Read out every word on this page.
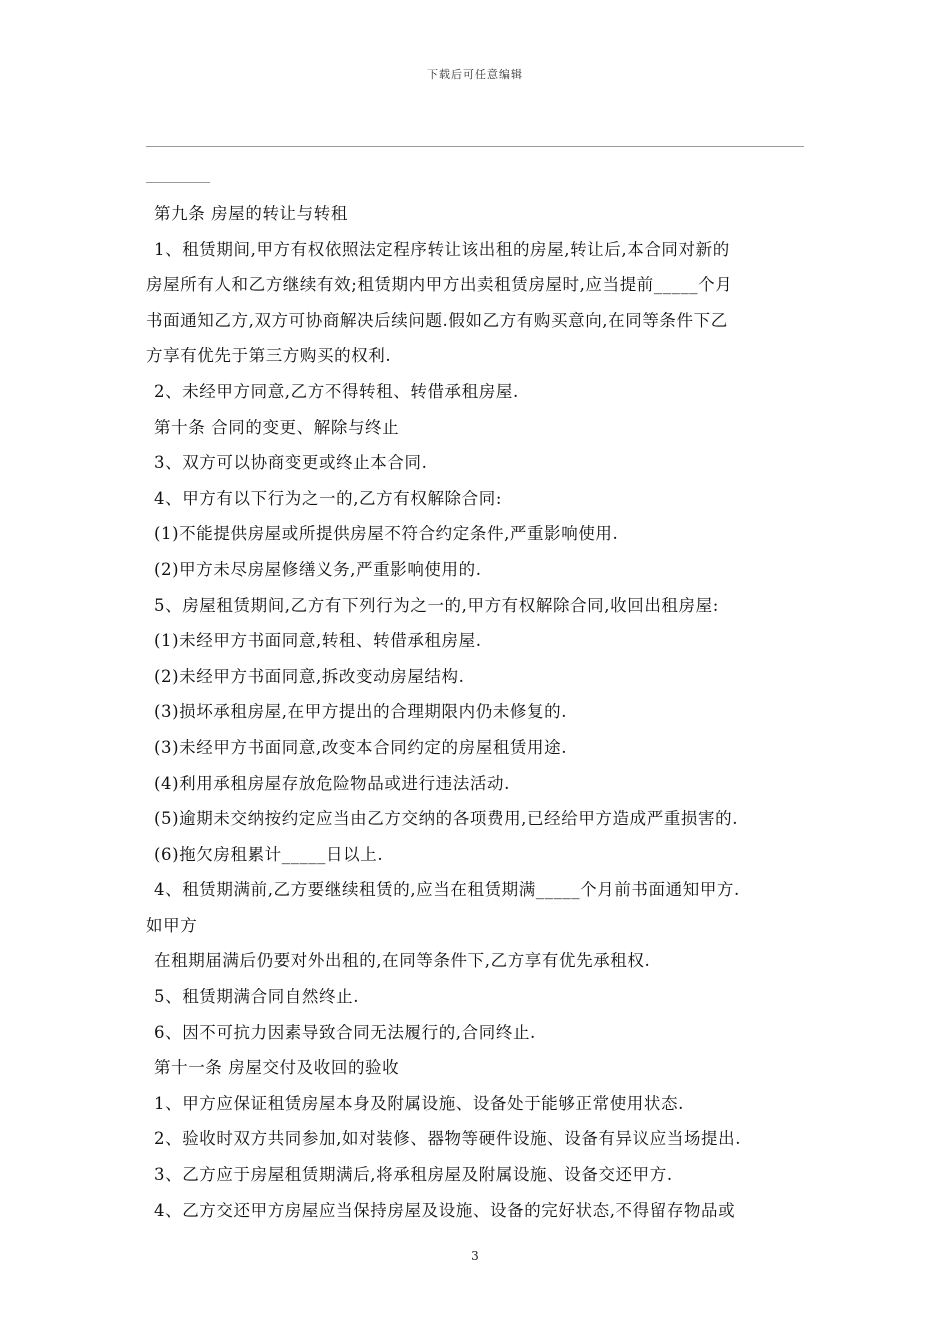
下载后可任意编辑

第九条 房屋的转让与转租

1、租赁期间,甲方有权依照法定程序转让该出租的房屋,转让后,本合同对新的

房屋所有人和乙方继续有效;租赁期内甲方出卖租赁房屋时,应当提前_____个月

书面通知乙方,双方可协商解决后续问题.假如乙方有购买意向,在同等条件下乙

方享有优先于第三方购买的权利.

2、未经甲方同意,乙方不得转租、转借承租房屋.

第十条 合同的变更、解除与终止

3、双方可以协商变更或终止本合同.

4、甲方有以下行为之一的,乙方有权解除合同:

(1)不能提供房屋或所提供房屋不符合约定条件,严重影响使用.

(2)甲方未尽房屋修缮义务,严重影响使用的.

5、房屋租赁期间,乙方有下列行为之一的,甲方有权解除合同,收回出租房屋:

(1)未经甲方书面同意,转租、转借承租房屋.

(2)未经甲方书面同意,拆改变动房屋结构.

(3)损坏承租房屋,在甲方提出的合理期限内仍未修复的.

(3)未经甲方书面同意,改变本合同约定的房屋租赁用途.

(4)利用承租房屋存放危险物品或进行违法活动.

(5)逾期未交纳按约定应当由乙方交纳的各项费用,已经给甲方造成严重损害的.

(6)拖欠房租累计_____日以上.

4、租赁期满前,乙方要继续租赁的,应当在租赁期满_____个月前书面通知甲方.

如甲方

在租期届满后仍要对外出租的,在同等条件下,乙方享有优先承租权.

5、租赁期满合同自然终止.

6、因不可抗力因素导致合同无法履行的,合同终止.

第十一条 房屋交付及收回的验收

1、甲方应保证租赁房屋本身及附属设施、设备处于能够正常使用状态.

2、验收时双方共同参加,如对装修、器物等硬件设施、设备有异议应当场提出.

3、乙方应于房屋租赁期满后,将承租房屋及附属设施、设备交还甲方.

4、乙方交还甲方房屋应当保持房屋及设施、设备的完好状态,不得留存物品或

3
